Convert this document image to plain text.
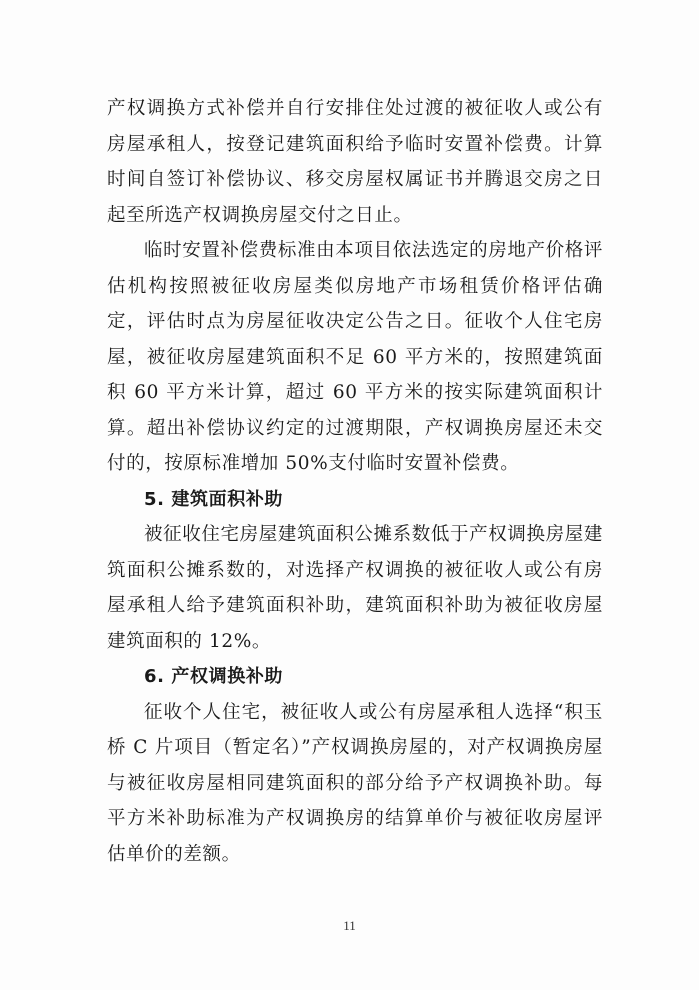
产权调换方式补偿并自行安排住处过渡的被征收人或公有房屋承租人，按登记建筑面积给予临时安置补偿费。计算时间自签订补偿协议、移交房屋权属证书并腾退交房之日起至所选产权调换房屋交付之日止。

临时安置补偿费标准由本项目依法选定的房地产价格评估机构按照被征收房屋类似房地产市场租赁价格评估确定，评估时点为房屋征收决定公告之日。征收个人住宅房屋，被征收房屋建筑面积不足 60 平方米的，按照建筑面积 60 平方米计算，超过 60 平方米的按实际建筑面积计算。超出补偿协议约定的过渡期限，产权调换房屋还未交付的，按原标准增加 50%支付临时安置补偿费。

5. 建筑面积补助

被征收住宅房屋建筑面积公摊系数低于产权调换房屋建筑面积公摊系数的，对选择产权调换的被征收人或公有房屋承租人给予建筑面积补助，建筑面积补助为被征收房屋建筑面积的 12%。

6. 产权调换补助

征收个人住宅，被征收人或公有房屋承租人选择“积玉桥 C 片项目（暂定名）”产权调换房屋的，对产权调换房屋与被征收房屋相同建筑面积的部分给予产权调换补助。每平方米补助标准为产权调换房的结算单价与被征收房屋评估单价的差额。

11
